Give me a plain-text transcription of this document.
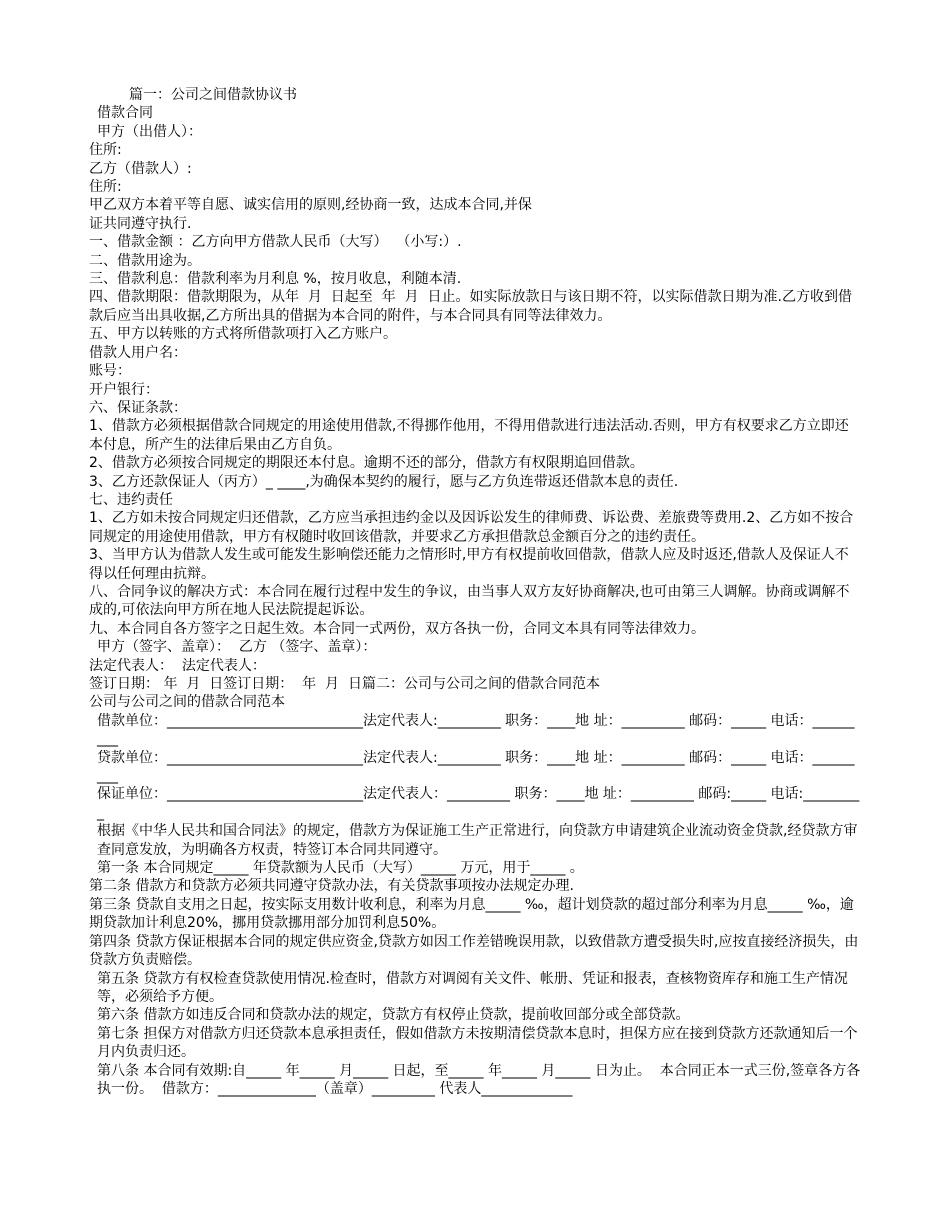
篇一：公司之间借款协议书

借款合同

甲方（出借人）：

住所:

乙方（借款人）:

住所:

甲乙双方本着平等自愿、诚实信用的原则,经协商一致，达成本合同,并保

证共同遵守执行.

一、借款金额 ：乙方向甲方借款人民币（大写）  （小写:）.

二、借款用途为。

三、借款利息：借款利率为月利息 %，按月收息，利随本清.

四、借款期限：借款期限为，从年  月  日起至  年  月  日止。如实际放款日与该日期不符，以实际借款日期为准.乙方收到借款后应当出具收据,乙方所出具的借据为本合同的附件，与本合同具有同等法律效力。

五、甲方以转账的方式将所借款项打入乙方账户。

借款人用户名：

账号：

开户银行：

六、保证条款：

1、借款方必须根据借款合同规定的用途使用借款,不得挪作他用，不得用借款进行违法活动.否则，甲方有权要求乙方立即还本付息，所产生的法律后果由乙方自负。

2、借款方必须按合同规定的期限还本付息。逾期不还的部分，借款方有权限期追回借款。

3、乙方还款保证人（丙方）_ ____,为确保本契约的履行，愿与乙方负连带返还借款本息的责任.

七、违约责任

1、乙方如未按合同规定归还借款，乙方应当承担违约金以及因诉讼发生的律师费、诉讼费、差旅费等费用.2、乙方如不按合同规定的用途使用借款，甲方有权随时收回该借款，并要求乙方承担借款总金额百分之的违约责任。

3、当甲方认为借款人发生或可能发生影响偿还能力之情形时,甲方有权提前收回借款，借款人应及时返还,借款人及保证人不得以任何理由抗辩。

八、合同争议的解决方式：本合同在履行过程中发生的争议，由当事人双方友好协商解决,也可由第三人调解。协商或调解不成的,可依法向甲方所在地人民法院提起诉讼。

九、本合同自各方签字之日起生效。本合同一式两份，双方各执一份，合同文本具有同等法律效力。

甲方（签字、盖章）：  乙方 （签字、盖章）：

法定代表人：  法定代表人：

签订日期： 年  月  日签订日期：  年  月  日篇二：公司与公司之间的借款合同范本

公司与公司之间的借款合同范本

借款单位：____________________________法定代表人:_________ 职务：____地 址：_________ 邮码：_____ 电话：_________

贷款单位：____________________________法定代表人:_________ 职务：____地 址：_________ 邮码：_____ 电话：_________

保证单位：____________________________法定代表人：_________ 职务：____地 址：_________ 邮码:_____ 电话:_________

根据《中华人民共和国合同法》的规定，借款方为保证施工生产正常进行，向贷款方申请建筑企业流动资金贷款,经贷款方审查同意发放，为明确各方权责，特签订本合同共同遵守。

第一条 本合同规定_____ 年贷款额为人民币（大写）_____ 万元，用于_____ 。

第二条 借款方和贷款方必须共同遵守贷款办法，有关贷款事项按办法规定办理.

第三条 贷款自支用之日起，按实际支用数计收利息，利率为月息_____ ‰，超计划贷款的超过部分利率为月息_____ ‰，逾期贷款加计利息20%，挪用贷款挪用部分加罚利息50%。

第四条 贷款方保证根据本合同的规定供应资金,贷款方如因工作差错晚误用款，以致借款方遭受损失时,应按直接经济损失，由贷款方负责赔偿。

第五条 贷款方有权检查贷款使用情况.检查时，借款方对调阅有关文件、帐册、凭证和报表，查核物资库存和施工生产情况等，必须给予方便。

第六条 借款方如违反合同和贷款办法的规定，贷款方有权停止贷款，提前收回部分或全部贷款。

第七条 担保方对借款方归还贷款本息承担责任，假如借款方未按期清偿贷款本息时，担保方应在接到贷款方还款通知后一个月内负责归还。

第八条 本合同有效期:自_____ 年_____ 月_____ 日起，至_____ 年_____ 月_____ 日为止。  本合同正本一式三份,签章各方各执一份。  借款方：______________（盖章）_________ 代表人_____________
